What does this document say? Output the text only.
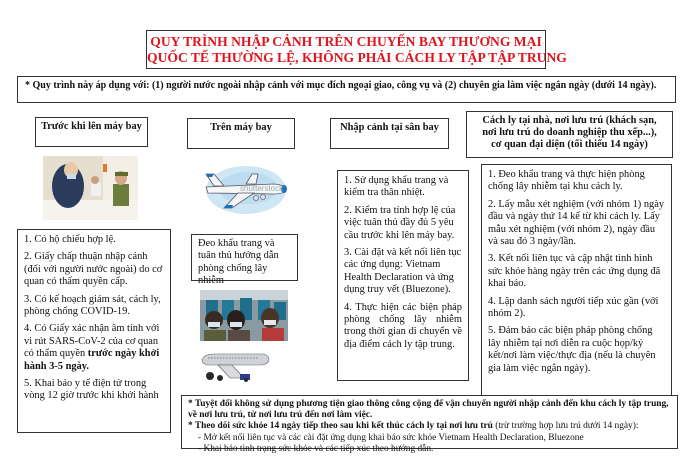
QUY TRÌNH NHẬP CẢNH TRÊN CHUYẾN BAY THƯƠNG MẠI
QUỐC TẾ THƯỜNG LỆ, KHÔNG PHẢI CÁCH LY TẬP TẬP TRUNG
* Quy trình này áp dụng với: (1) người nước ngoài nhập cảnh với mục đích ngoại giao, công vụ và (2) chuyên gia làm việc ngắn ngày (dưới 14 ngày).
Trước khi lên máy bay	Trên máy bay	Nhập cảnh tại sân bay
Cách ly tại nhà, nơi lưu trú (khách sạn,
nơi lưu trú do doanh nghiệp thu xếp...),
cơ quan đại diện (tối thiểu 14 ngày)

1. Có hộ chiếu hợp lệ.

2. Giấy chấp thuận nhập cảnh (đối với người nước ngoài) do cơ quan có thẩm quyền cấp.

3. Có kế hoạch giám sát, cách ly, phòng chống COVID-19.

4. Có Giấy xác nhận âm tính với vi rút SARS-CoV-2 của cơ quan có thẩm quyền trước ngày khởi hành 3-5 ngày.

5. Khai báo y tế điện tử trong vòng 12 giờ trước khi khởi hành

shutterstock
Đeo khẩu trang và tuân thủ hướng dẫn phòng chống lây nhiễm

1. Sử dụng khẩu trang và kiểm tra thân nhiệt.

2. Kiểm tra tính hợp lệ của việc tuân thủ đầy đủ 5 yêu cầu trước khi lên máy bay.

3. Cài đặt và kết nối liên tục các ứng dụng: Vietnam Health Declaration và ứng dụng truy vết (Bluezone).

4. Thực hiện các biện pháp phòng chống lây nhiễm trong thời gian di chuyển về địa điểm cách ly tập trung.

1. Đeo khẩu trang và thực hiện phòng chống lây nhiễm tại khu cách ly.

2. Lấy mẫu xét nghiệm (với nhóm 1) ngày đầu và ngày thứ 14 kể từ khi cách ly. Lấy mẫu xét nghiệm (với nhóm 2), ngày đầu và sau đó 3 ngày/lần.

3. Kết nối liên tục và cập nhật tình hình sức khỏe hàng ngày trên các ứng dụng đã khai báo.

4. Lập danh sách người tiếp xúc gần (với nhóm 2).

5. Đảm bảo các biện pháp phòng chống lây nhiễm tại nơi diễn ra cuộc họp/ký kết/nơi làm việc/thực địa (nếu là chuyên gia làm việc ngắn ngày).

* Tuyệt đối không sử dụng phương tiện giao thông công cộng để vận chuyển người nhập cảnh đến khu cách ly tập trung, về nơi lưu trú, từ nơi lưu trú đến nơi làm việc.
* Theo dõi sức khỏe 14 ngày tiếp theo sau khi kết thúc cách ly tại nơi lưu trú (trừ trường hợp lưu trú dưới 14 ngày):
- Mở kết nối liên tục và các cài đặt ứng dụng khai báo sức khỏe Vietnam Health Declaration, Bluezone
- Khai báo tình trạng sức khỏe và các tiếp xúc theo hướng dẫn.
